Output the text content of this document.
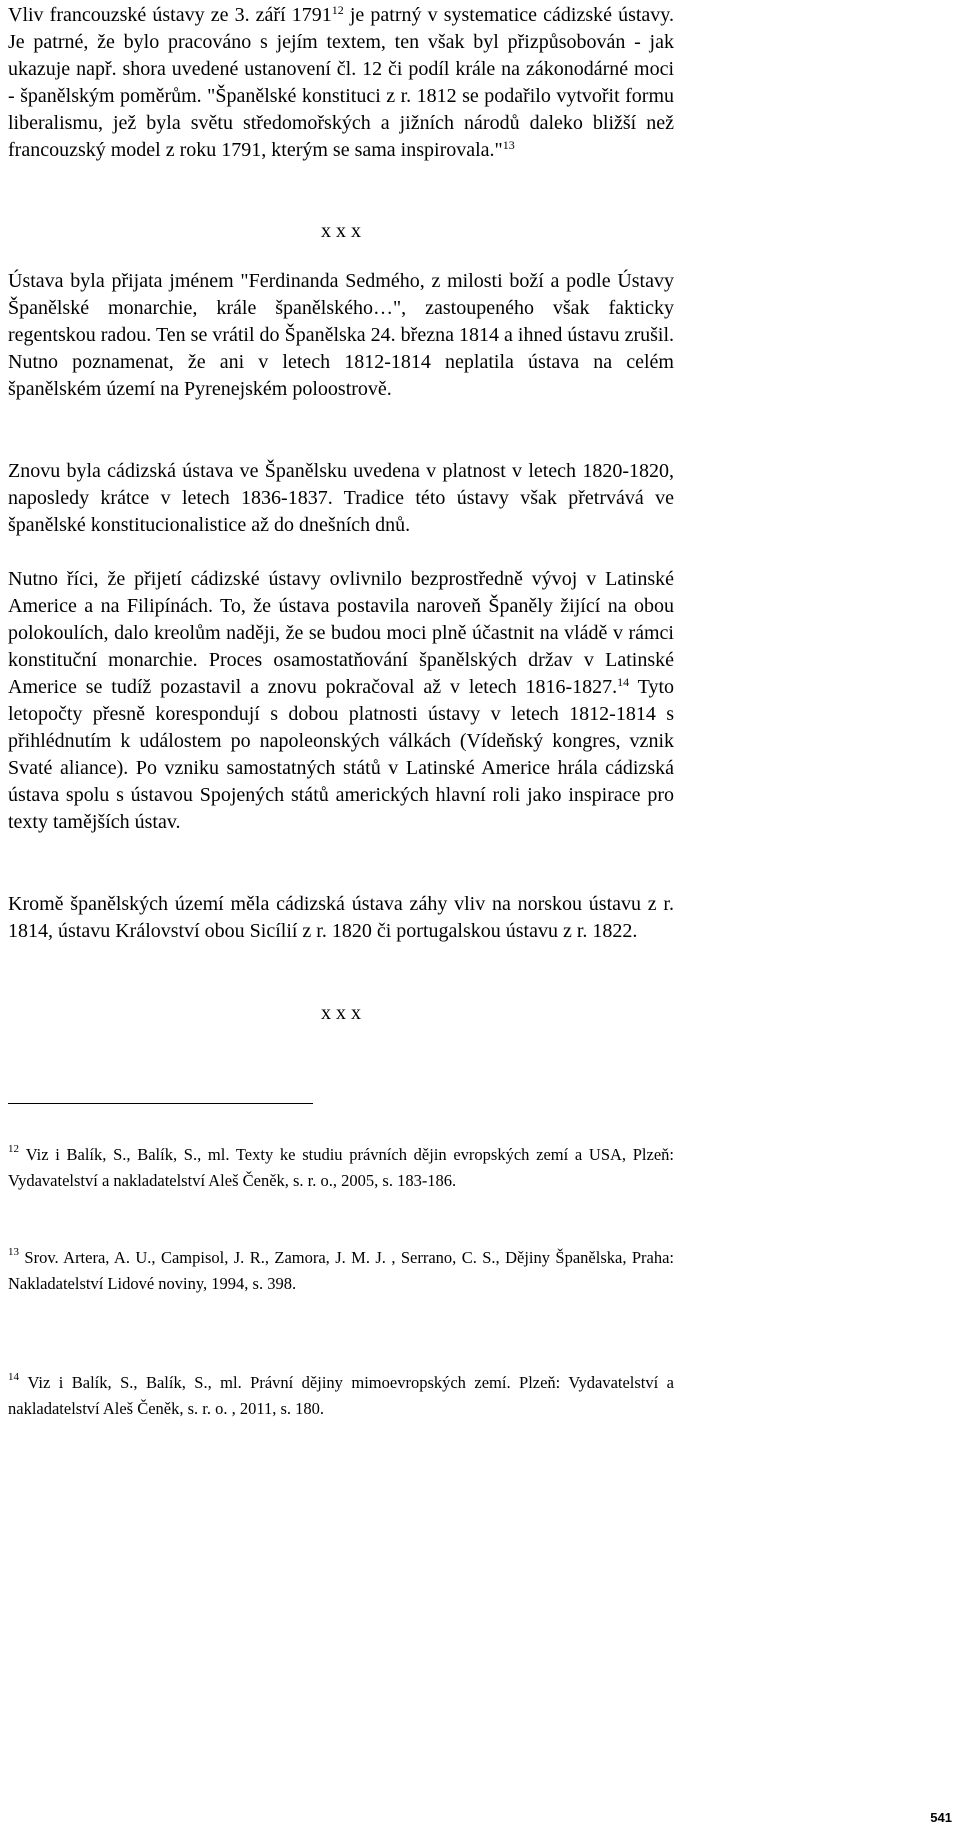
Vliv francouzské ústavy ze 3. září 1791$^{12}$ je patrný v systematice cádizské ústavy. Je patrné, že bylo pracováno s jejím textem, ten však byl přizpůsobován - jak ukazuje např. shora uvedené ustanovení čl. 12 či podíl krále na zákonodárné moci - španělským poměrům. "Španělské konstituci z r. 1812 se podařilo vytvořit formu liberalismu, jež byla světu středomořských a jižních národů daleko bližší než francouzský model z roku 1791, kterým se sama inspirovala."$^{13}$

x x x

Ústava byla přijata jménem "Ferdinanda Sedmého, z milosti boží a podle Ústavy Španělské monarchie, krále španělského…", zastoupeného však fakticky regentskou radou. Ten se vrátil do Španělska 24. března 1814 a ihned ústavu zrušil. Nutno poznamenat, že ani v letech 1812-1814 neplatila ústava na celém španělském území na Pyrenejském poloostrově.

Znovu byla cádizská ústava ve Španělsku uvedena v platnost v letech 1820-1820, naposledy krátce v letech 1836-1837. Tradice této ústavy však přetrvává ve španělské konstitucionalistice až do dnešních dnů.

Nutno říci, že přijetí cádizské ústavy ovlivnilo bezprostředně vývoj v Latinské Americe a na Filipínách. To, že ústava postavila naroveň Španěly žijící na obou polokoulích, dalo kreolům naději, že se budou moci plně účastnit na vládě v rámci konstituční monarchie. Proces osamostatňování španělských držav v Latinské Americe se tudíž pozastavil a znovu pokračoval až v letech 1816-1827.14 Tyto letopočty přesně korespondují s dobou platnosti ústavy v letech 1812-1814 s přihlédnutím k událostem po napoleonských válkách (Vídeňský kongres, vznik Svaté aliance). Po vzniku samostatných států v Latinské Americe hrála cádizská ústava spolu s ústavou Spojených států amerických hlavní roli jako inspirace pro texty tamějších ústav.

Kromě španělských území měla cádizská ústava záhy vliv na norskou ústavu z r. 1814, ústavu Království obou Sicílií z r. 1820 či portugalskou ústavu z r. 1822.

x x x

$^{12}$ Viz i Balík, S., Balík, S., ml. Texty ke studiu právních dějin evropských zemí a USA, Plzeň: Vydavatelství a nakladatelství Aleš Čeněk, s. r. o., 2005, s. 183-186.

$^{13}$ Srov. Artera, A. U., Campisol, J. R., Zamora, J. M. J. , Serrano, C. S., Dějiny Španělska, Praha: Nakladatelství Lidové noviny, 1994, s. 398.

$^{14}$ Viz i Balík, S., Balík, S., ml. Právní dějiny mimoevropských zemí. Plzeň: Vydavatelství a nakladatelství Aleš Čeněk, s. r. o. , 2011, s. 180.

541
